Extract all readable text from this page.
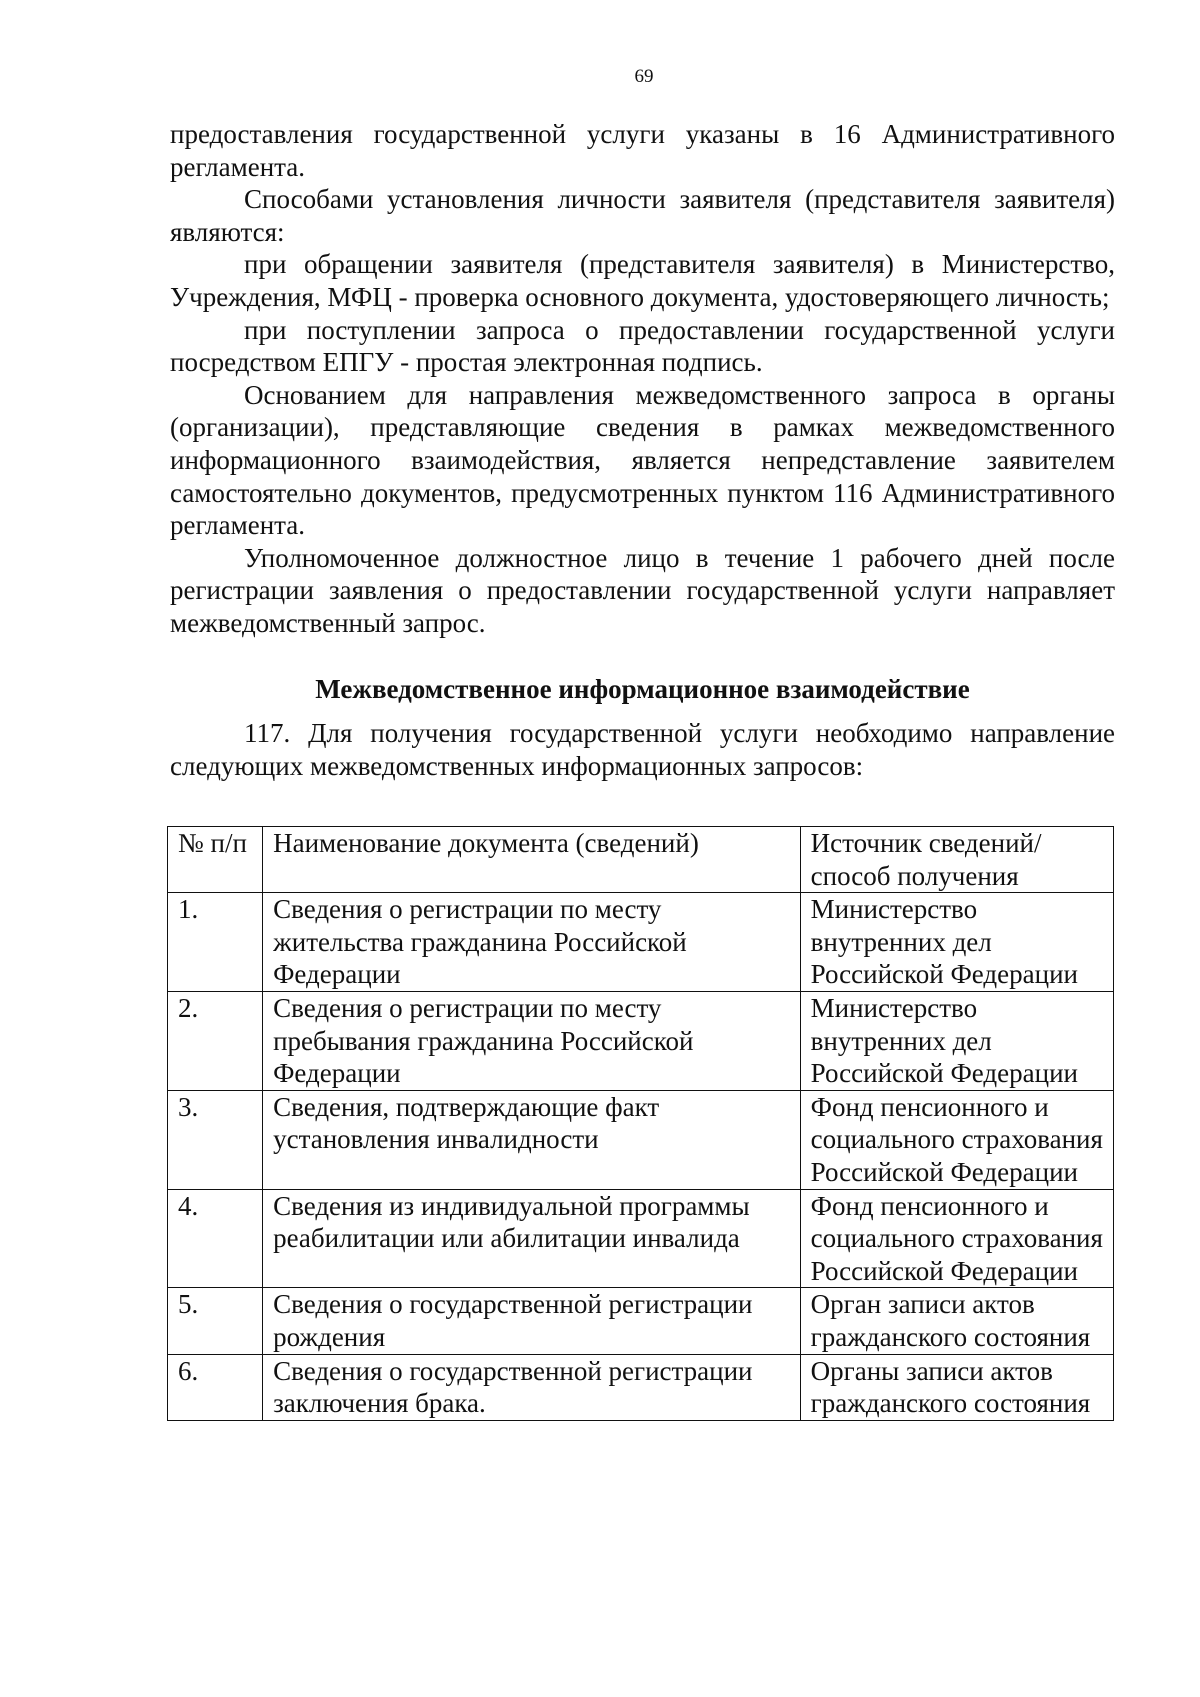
69

предоставления государственной услуги указаны в 16 Административного регламента.

Способами установления личности заявителя (представителя заявителя) являются:

при обращении заявителя (представителя заявителя) в Министерство, Учреждения, МФЦ - проверка основного документа, удостоверяющего личность;

при поступлении запроса о предоставлении государственной услуги посредством ЕПГУ - простая электронная подпись.

Основанием для направления межведомственного запроса в органы (организации), представляющие сведения в рамках межведомственного информационного взаимодействия, является непредставление заявителем самостоятельно документов, предусмотренных пунктом 116 Административного регламента.

Уполномоченное должностное лицо в течение 1 рабочего дней после регистрации заявления о предоставлении государственной услуги направляет межведомственный запрос.

Межведомственное информационное взаимодействие

117. Для получения государственной услуги необходимо направление следующих межведомственных информационных запросов:

№ п/п	Наименование документа (сведений)	Источник сведений/способ получения
1.	Сведения о регистрации по месту жительства гражданина Российской Федерации	Министерство внутренних дел Российской Федерации
2.	Сведения о регистрации по месту пребывания гражданина Российской Федерации	Министерство внутренних дел Российской Федерации
3.	Сведения, подтверждающие факт установления инвалидности	Фонд пенсионного и социального страхования Российской Федерации
4.	Сведения из индивидуальной программы реабилитации или абилитации инвалида	Фонд пенсионного и социального страхования Российской Федерации
5.	Сведения о государственной регистрации рождения	Орган записи актов гражданского состояния
6.	Сведения о государственной регистрации заключения брака.	Органы записи актов гражданского состояния
